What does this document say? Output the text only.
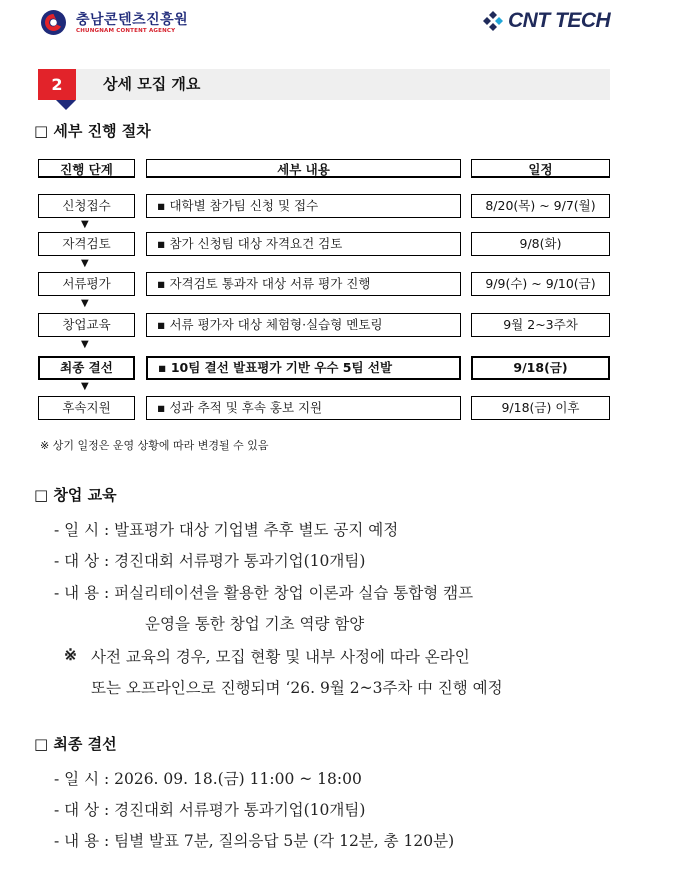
충남콘텐츠진흥원
CHUNGNAM CONTENT AGENCY	CNT TECH
2	상세 모집 개요
□ 세부 진행 절차
진행 단계	세부 내용	일정
신청접수	▪ 대학별 참가팀 신청 및 접수	8/20(목) ~ 9/7(월)
▼
자격검토	▪ 참가 신청팀 대상 자격요건 검토	9/8(화)
▼
서류평가	▪ 자격검토 통과자 대상 서류 평가 진행	9/9(수) ~ 9/10(금)
▼
창업교육	▪ 서류 평가자 대상 체험형·실습형 멘토링	9월 2~3주차
▼
최종 결선	▪ 10팀 결선 발표평가 기반 우수 5팀 선발	9/18(금)
▼
후속지원	▪ 성과 추적 및 후속 홍보 지원	9/18(금) 이후
※ 상기 일정은 운영 상황에 따라 변경될 수 있음
□ 창업 교육
- 일 시 : 발표평가 대상 기업별 추후 별도 공지 예정
- 대 상 : 경진대회 서류평가 통과기업(10개팀)
- 내 용 : 퍼실리테이션을 활용한 창업 이론과 실습 통합형 캠프
운영을 통한 창업 기초 역량 함양
※ 사전 교육의 경우, 모집 현황 및 내부 사정에 따라 온라인
또는 오프라인으로 진행되며 ‘26. 9월 2~3주차 中 진행 예정
□ 최종 결선
- 일 시 : 2026. 09. 18.(금) 11:00 ~ 18:00
- 대 상 : 경진대회 서류평가 통과기업(10개팀)
- 내 용 : 팀별 발표 7분, 질의응답 5분 (각 12분, 총 120분)
